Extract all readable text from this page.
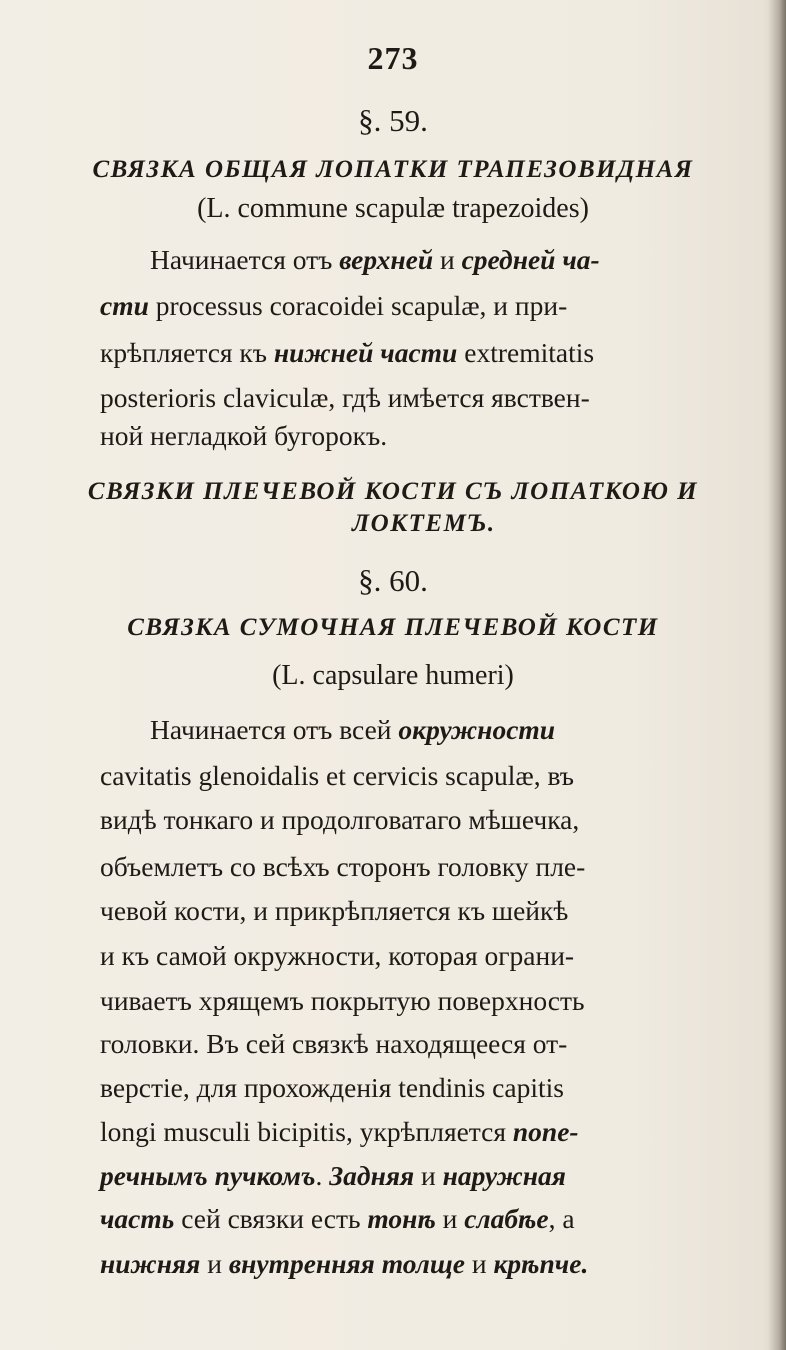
273
§. 59.
СВЯЗКА ОБЩАЯ ЛОПАТКИ ТРАПЕЗОВИДНАЯ
(L. commune scapulæ trapezoides)
Начинается отъ верхней и средней ча-
сти processus coracoidei scapulæ, и при-
крѣпляется къ нижней части extremitatis
posterioris claviculæ, гдѣ имѣется явствен-
ной негладкой бугорокъ.
СВЯЗКИ ПЛЕЧЕВОЙ КОСТИ СЪ ЛОПАТКОЮ И
ЛОКТЕМЪ.
§. 60.
СВЯЗКА СУМОЧНАЯ ПЛЕЧЕВОЙ КОСТИ
(L. capsulare humeri)
Начинается отъ всей окружности
cavitatis glenoidalis et cervicis scapulæ, въ
видѣ тонкаго и продолговатаго мѣшечка,
объемлетъ со всѣхъ сторонъ головку пле-
чевой кости, и прикрѣпляется къ шейкѣ
и къ самой окружности, которая ограни-
чиваетъ хрящемъ покрытую поверхность
головки. Въ сей связкѣ находящееся от-
верстіе, для прохожденія tendinis capitis
longi musculi bicipitis, укрѣпляется попе-
речнымъ пучкомъ. Задняя и наружная
часть сей связки есть тонѣ и слабѣе, а
нижняя и внутренняя толще и крѣпче.
